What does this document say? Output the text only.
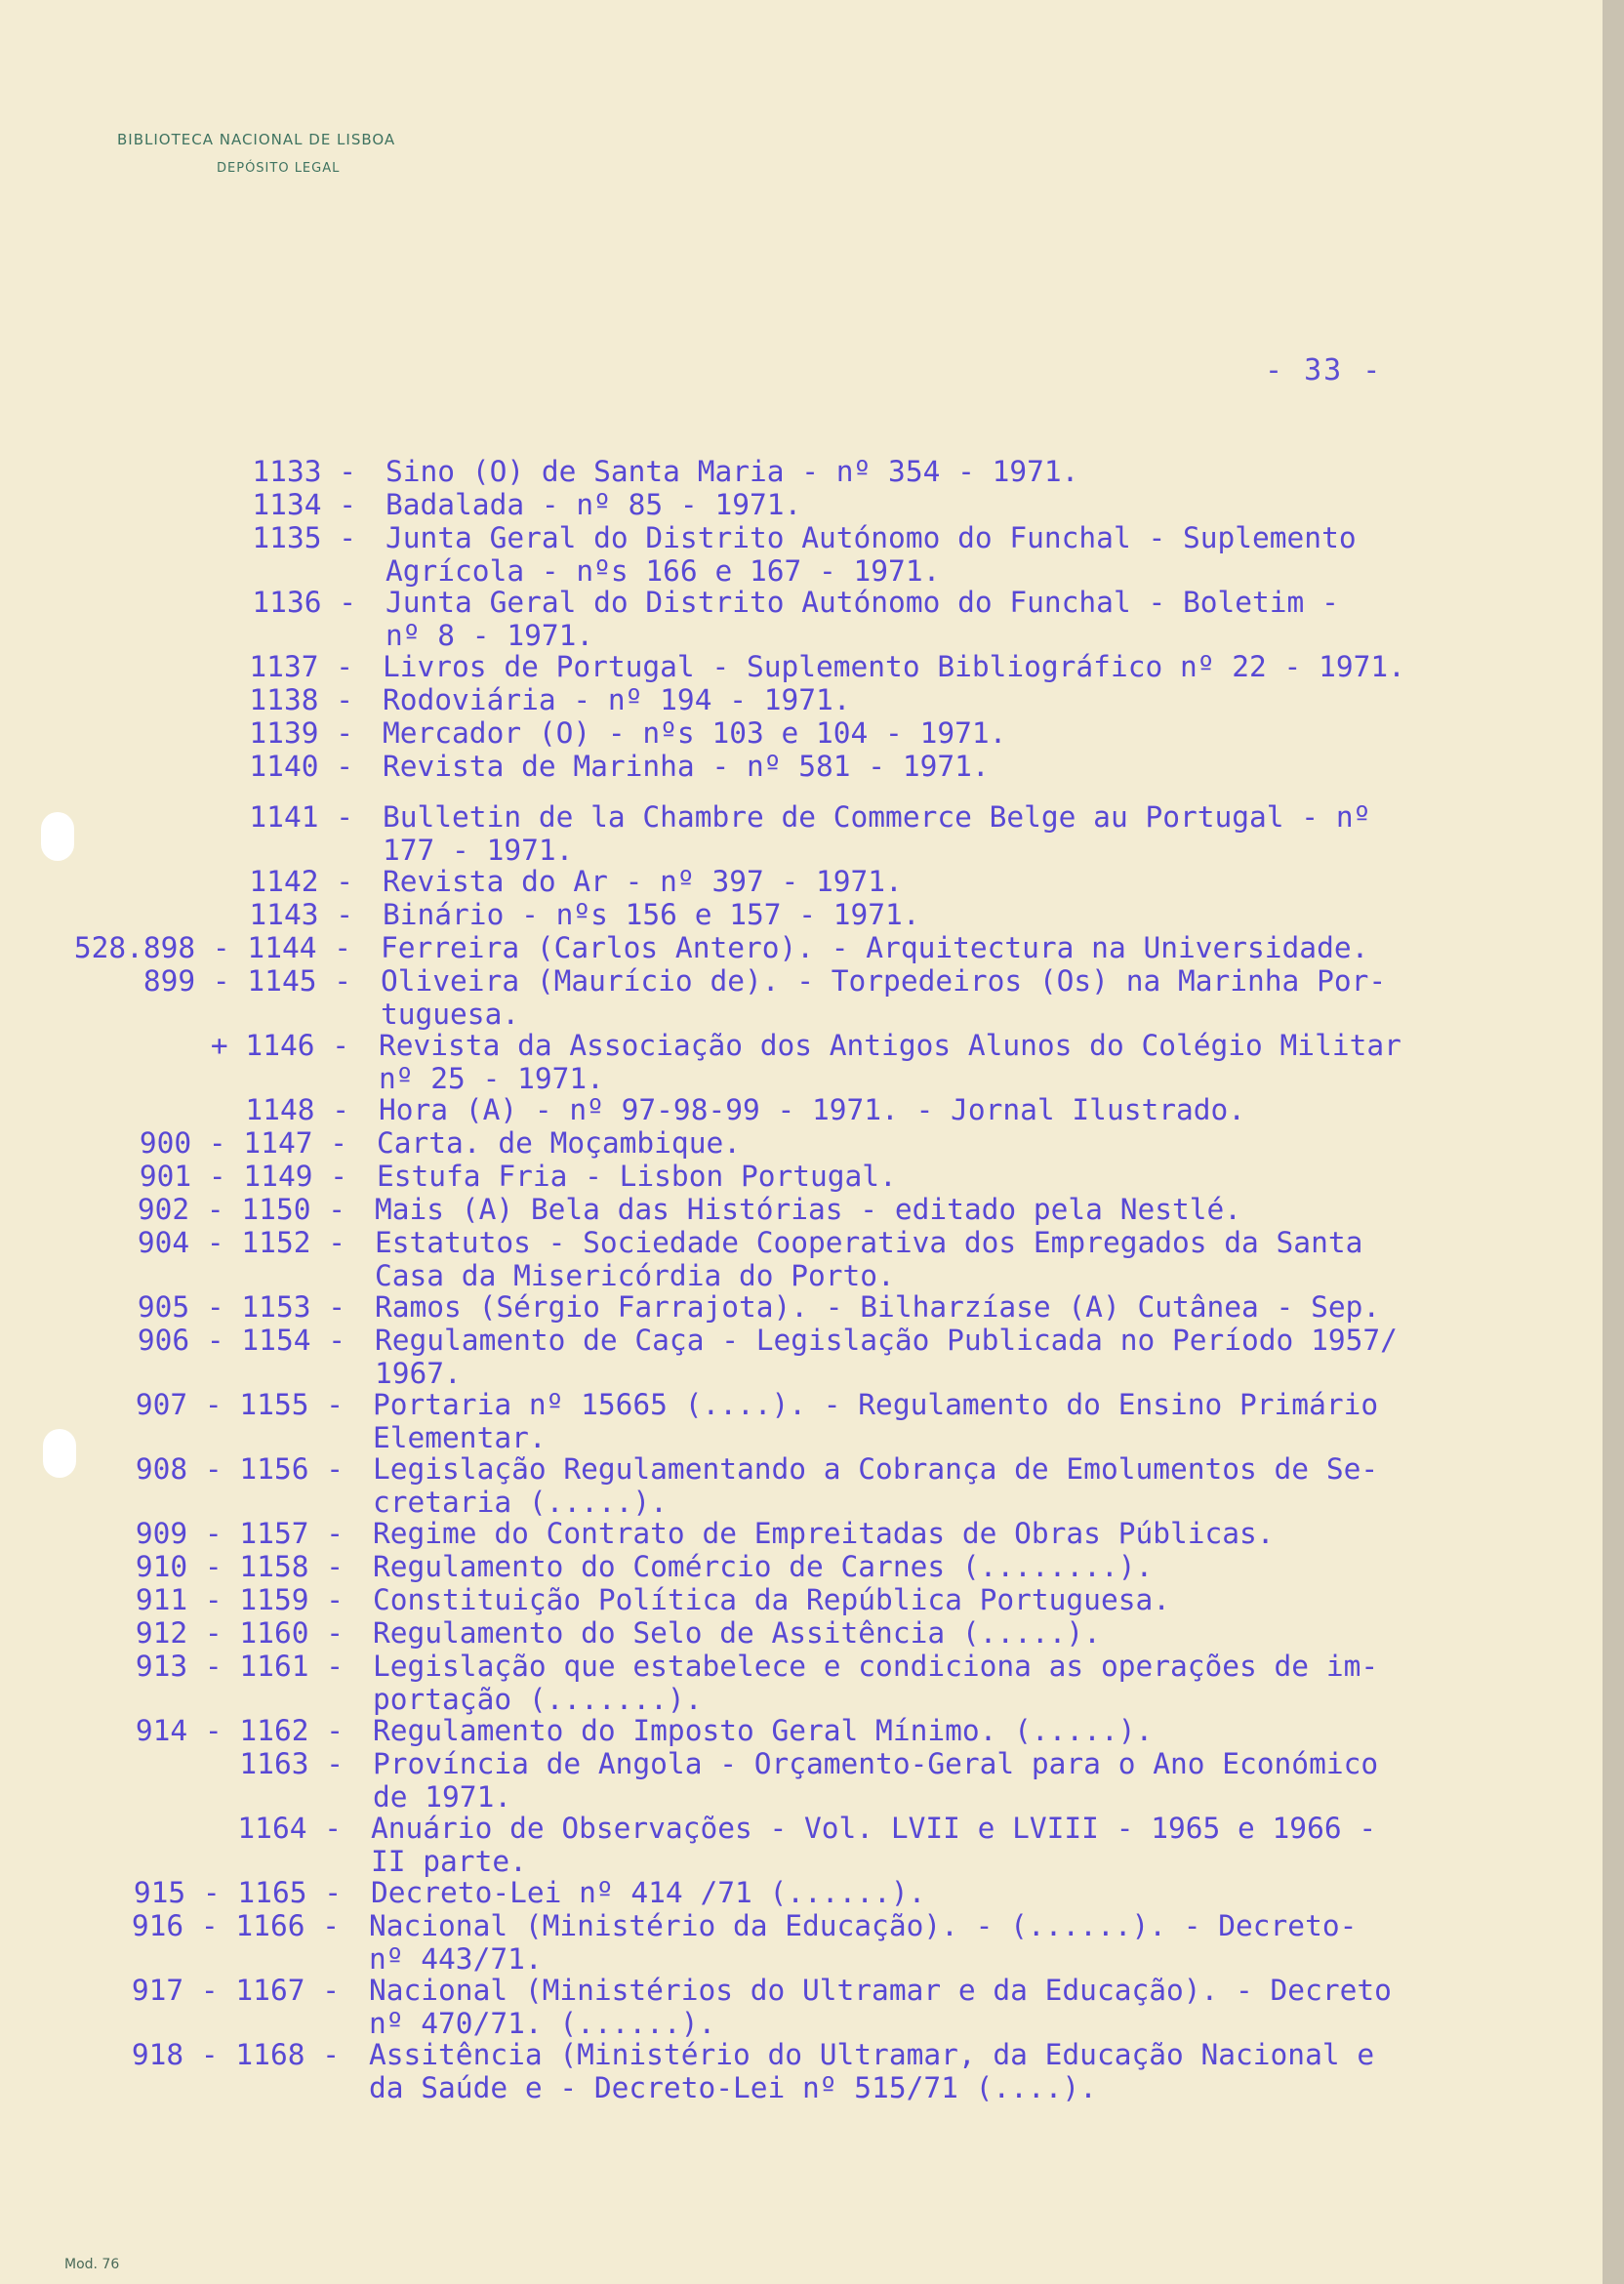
BIBLIOTECA NACIONAL DE LISBOA
DEPÓSITO LEGAL
- 33 -
1133 - Sino (O) de Santa Maria - nº 354 - 1971.
1134 - Badalada - nº 85 - 1971.
1135 - Junta Geral do Distrito Autónomo do Funchal - Suplemento
Agrícola - nºs 166 e 167 - 1971.
1136 - Junta Geral do Distrito Autónomo do Funchal - Boletim -
nº 8 - 1971.
1137 - Livros de Portugal - Suplemento Bibliográfico nº 22 - 1971.
1138 - Rodoviária - nº 194 - 1971.
1139 - Mercador (O) - nºs 103 e 104 - 1971.
1140 - Revista de Marinha - nº 581 - 1971.
1141 - Bulletin de la Chambre de Commerce Belge au Portugal - nº
177 - 1971.
1142 - Revista do Ar - nº 397 - 1971.
1143 - Binário - nºs 156 e 157 - 1971.
528.898 - 1144 - Ferreira (Carlos Antero). - Arquitectura na Universidade.
899 - 1145 - Oliveira (Maurício de). - Torpedeiros (Os) na Marinha Por-
tuguesa.
+ 1146 - Revista da Associação dos Antigos Alunos do Colégio Militar
nº 25 - 1971.
1148 - Hora (A) - nº 97-98-99 - 1971. - Jornal Ilustrado.
900 - 1147 - Carta. de Moçambique.
901 - 1149 - Estufa Fria - Lisbon Portugal.
902 - 1150 - Mais (A) Bela das Histórias - editado pela Nestlé.
904 - 1152 - Estatutos - Sociedade Cooperativa dos Empregados da Santa
Casa da Misericórdia do Porto.
905 - 1153 - Ramos (Sérgio Farrajota). - Bilharzíase (A) Cutânea - Sep.
906 - 1154 - Regulamento de Caça - Legislação Publicada no Período 1957/
1967.
907 - 1155 - Portaria nº 15665 (....). - Regulamento do Ensino Primário
Elementar.
908 - 1156 - Legislação Regulamentando a Cobrança de Emolumentos de Se-
cretaria (.....).
909 - 1157 - Regime do Contrato de Empreitadas de Obras Públicas.
910 - 1158 - Regulamento do Comércio de Carnes (........).
911 - 1159 - Constituição Política da República Portuguesa.
912 - 1160 - Regulamento do Selo de Assitência (.....).
913 - 1161 - Legislação que estabelece e condiciona as operações de im-
portação (.......).
914 - 1162 - Regulamento do Imposto Geral Mínimo. (.....).
1163 - Província de Angola - Orçamento-Geral para o Ano Económico
de 1971.
1164 - Anuário de Observações - Vol. LVII e LVIII - 1965 e 1966 -
II parte.
915 - 1165 - Decreto-Lei nº 414 /71 (......).
916 - 1166 - Nacional (Ministério da Educação). - (......). - Decreto-
nº 443/71.
917 - 1167 - Nacional (Ministérios do Ultramar e da Educação). - Decreto
nº 470/71. (......).
918 - 1168 - Assitência (Ministério do Ultramar, da Educação Nacional e
da Saúde e - Decreto-Lei nº 515/71 (....).
Mod. 76
